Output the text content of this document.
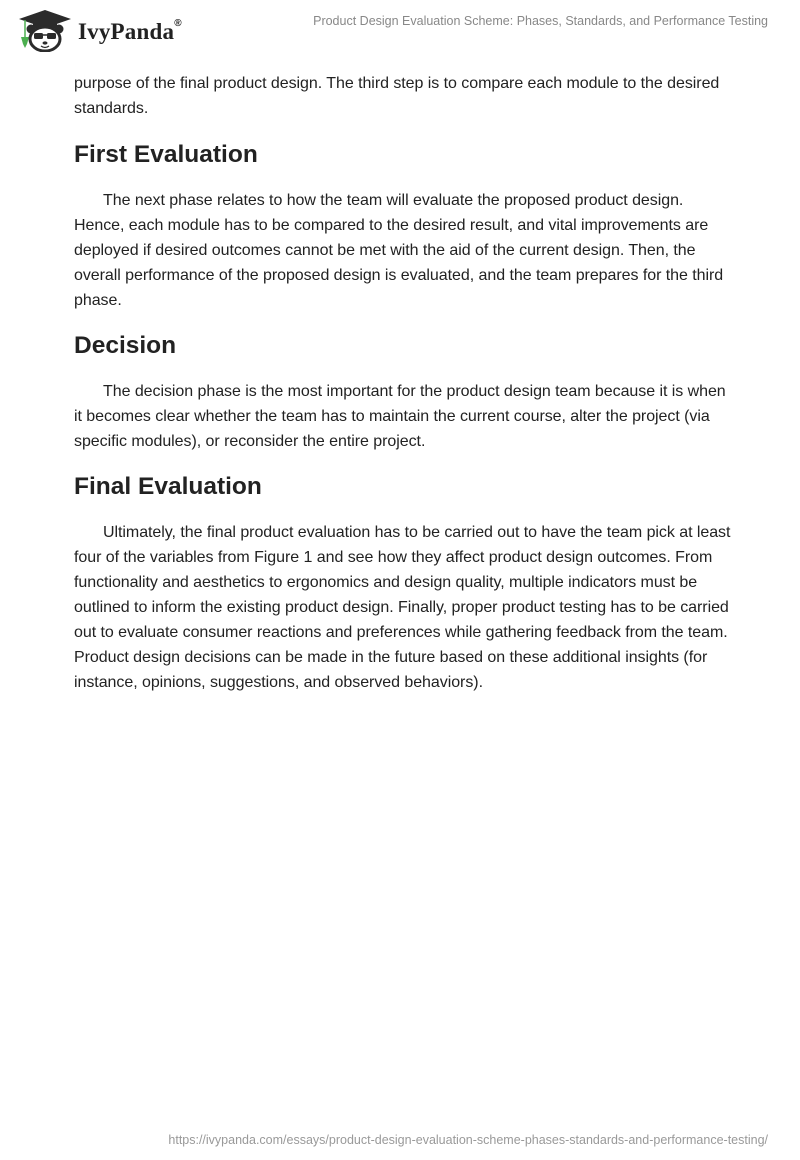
IvyPanda®	Product Design Evaluation Scheme: Phases, Standards, and Performance Testing

purpose of the final product design. The third step is to compare each module to the desired standards.

First Evaluation

The next phase relates to how the team will evaluate the proposed product design. Hence, each module has to be compared to the desired result, and vital improvements are deployed if desired outcomes cannot be met with the aid of the current design. Then, the overall performance of the proposed design is evaluated, and the team prepares for the third phase.

Decision

The decision phase is the most important for the product design team because it is when it becomes clear whether the team has to maintain the current course, alter the project (via specific modules), or reconsider the entire project.

Final Evaluation

Ultimately, the final product evaluation has to be carried out to have the team pick at least four of the variables from Figure 1 and see how they affect product design outcomes. From functionality and aesthetics to ergonomics and design quality, multiple indicators must be outlined to inform the existing product design. Finally, proper product testing has to be carried out to evaluate consumer reactions and preferences while gathering feedback from the team. Product design decisions can be made in the future based on these additional insights (for instance, opinions, suggestions, and observed behaviors).

https://ivypanda.com/essays/product-design-evaluation-scheme-phases-standards-and-performance-testing/
